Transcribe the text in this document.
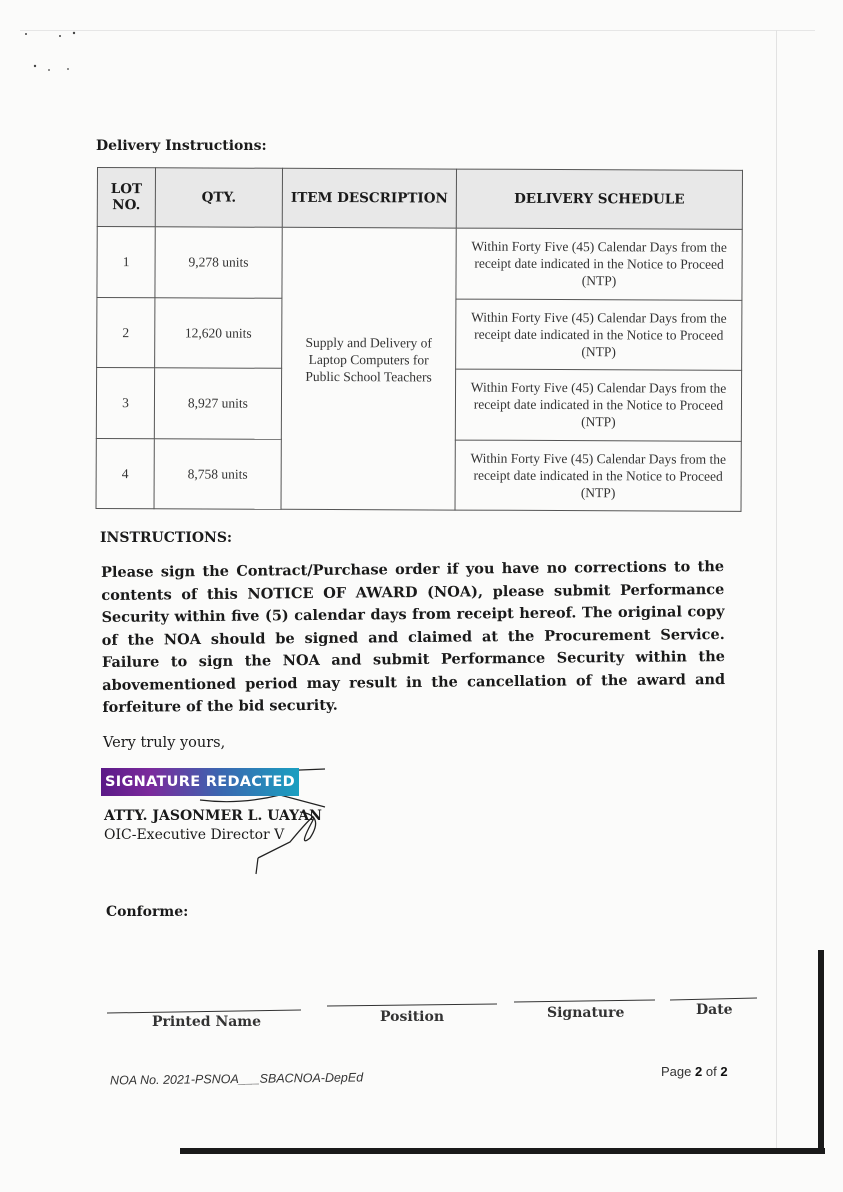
Delivery Instructions:
LOT
NO.	QTY.	ITEM DESCRIPTION	DELIVERY SCHEDULE
1	9,278 units	Supply and Delivery of Laptop Computers for Public School Teachers	Within Forty Five (45) Calendar Days from the receipt date indicated in the Notice to Proceed (NTP)
2	12,620 units		Within Forty Five (45) Calendar Days from the receipt date indicated in the Notice to Proceed (NTP)
3	8,927 units		Within Forty Five (45) Calendar Days from the receipt date indicated in the Notice to Proceed (NTP)
4	8,758 units		Within Forty Five (45) Calendar Days from the receipt date indicated in the Notice to Proceed (NTP)
INSTRUCTIONS:
Please sign the Contract/Purchase order if you have no corrections to the contents of this NOTICE OF AWARD (NOA), please submit Performance Security within five (5) calendar days from receipt hereof. The original copy of the NOA should be signed and claimed at the Procurement Service. Failure to sign the NOA and submit Performance Security within the abovementioned period may result in the cancellation of the award and forfeiture of the bid security.
Very truly yours,
SIGNATURE REDACTED
ATTY. JASONMER L. UAYAN
OIC-Executive Director V
Conforme:
Printed Name	Position	Signature	Date
NOA No. 2021-PSNOA___SBACNOA-DepEd	Page 2 of 2
